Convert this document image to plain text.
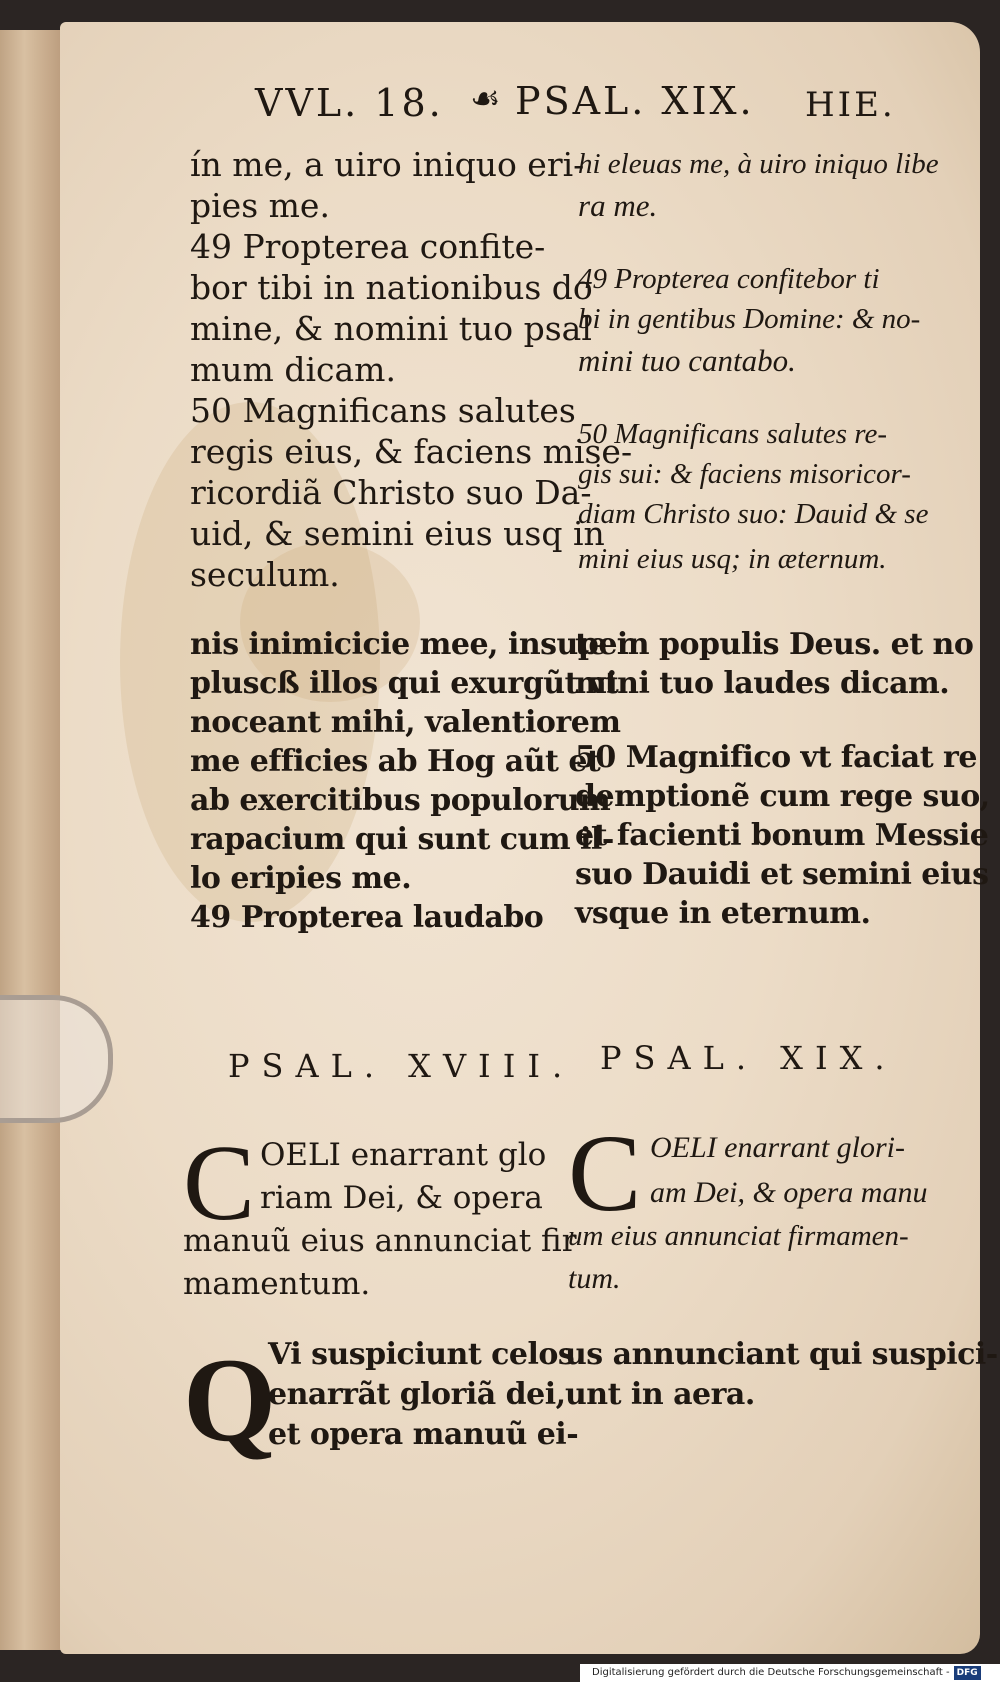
VVL. 18. ☙ PSAL. XIX. HIE.
ín me, a uiro iniquo eri-
pies me.
49 Propterea confite-
bor tibi in nationibus do
mine, & nomini tuo psal
mum dicam.
50 Magnificans salutes
regis eius, & faciens mise-
ricordiã Christo suo Da-
uid, & semini eius usq in
seculum.
hi eleuas me, à uiro iniquo libe
ra me.
49 Propterea confitebor ti
bi in gentibus Domine: & no-
mini tuo cantabo.
50 Magnificans salutes re-
gis sui: & faciens misoricor-
diam Christo suo: Dauid & se
mini eius usq; in æternum.
nis inimicicie mee, insuper
pluscß illos qui exurgũt vt
noceant mihi, valentiorem
me efficies ab Hog aũt et
ab exercitibus populorum
rapacium qui sunt cum il-
lo eripies me.
49 Propterea laudabo
te in populis Deus. et no
mini tuo laudes dicam.
50 Magnifico vt faciat re
demptionẽ cum rege suo,
et facienti bonum Messie
suo Dauidi et semini eius
vsque in eternum.
PSAL. XVIII. PSAL. XIX.
C OELI enarrant glo
riam Dei, & opera
manuũ eius annunciat fir
mamentum.
C OELI enarrant glori-
am Dei, & opera manu
um eius annunciat firmamen-
tum.
Q
Vi suspiciunt celos
enarrãt gloriã dei,
et opera manuũ ei-
us annunciant qui suspici-
unt in aera.
Digitalisierung gefördert durch die Deutsche Forschungsgemeinschaft - DFG
